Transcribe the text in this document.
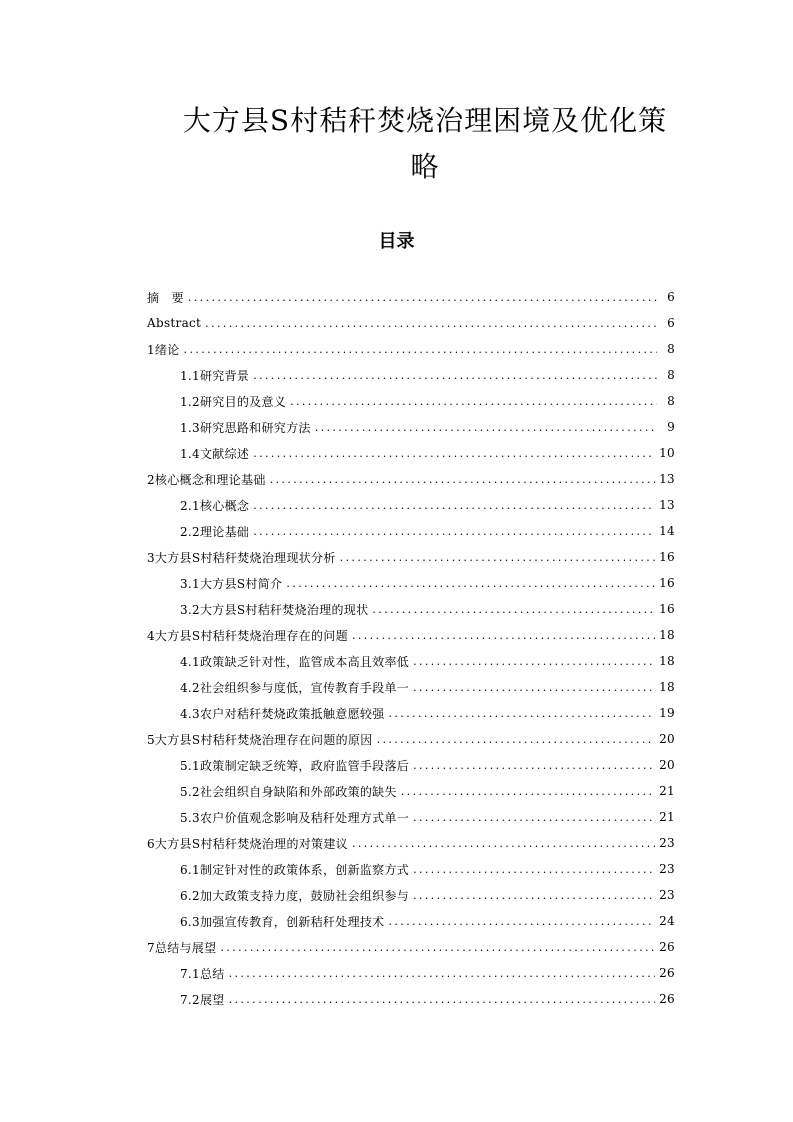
大方县S村秸秆焚烧治理困境及优化策
略
目录
摘　要 .....	6
Abstract .....	6
1绪论 .....	8
1.1研究背景 .....	8
1.2研究目的及意义 .....	8
1.3研究思路和研究方法 .....	9
1.4文献综述 .....	10
2核心概念和理论基础 .....	13
2.1核心概念 .....	13
2.2理论基础 .....	14
3大方县S村秸秆焚烧治理现状分析 .....	16
3.1大方县S村简介 .....	16
3.2大方县S村秸秆焚烧治理的现状 .....	16
4大方县S村秸秆焚烧治理存在的问题 .....	18
4.1政策缺乏针对性，监管成本高且效率低 .....	18
4.2社会组织参与度低，宣传教育手段单一 .....	18
4.3农户对秸秆焚烧政策抵触意愿较强 .....	19
5大方县S村秸秆焚烧治理存在问题的原因 .....	20
5.1政策制定缺乏统筹，政府监管手段落后 .....	20
5.2社会组织自身缺陷和外部政策的缺失 .....	21
5.3农户价值观念影响及秸秆处理方式单一 .....	21
6大方县S村秸秆焚烧治理的对策建议 .....	23
6.1制定针对性的政策体系，创新监察方式 .....	23
6.2加大政策支持力度，鼓励社会组织参与 .....	23
6.3加强宣传教育，创新秸秆处理技术 .....	24
7总结与展望 .....	26
7.1总结 .....	26
7.2展望 .....	26
